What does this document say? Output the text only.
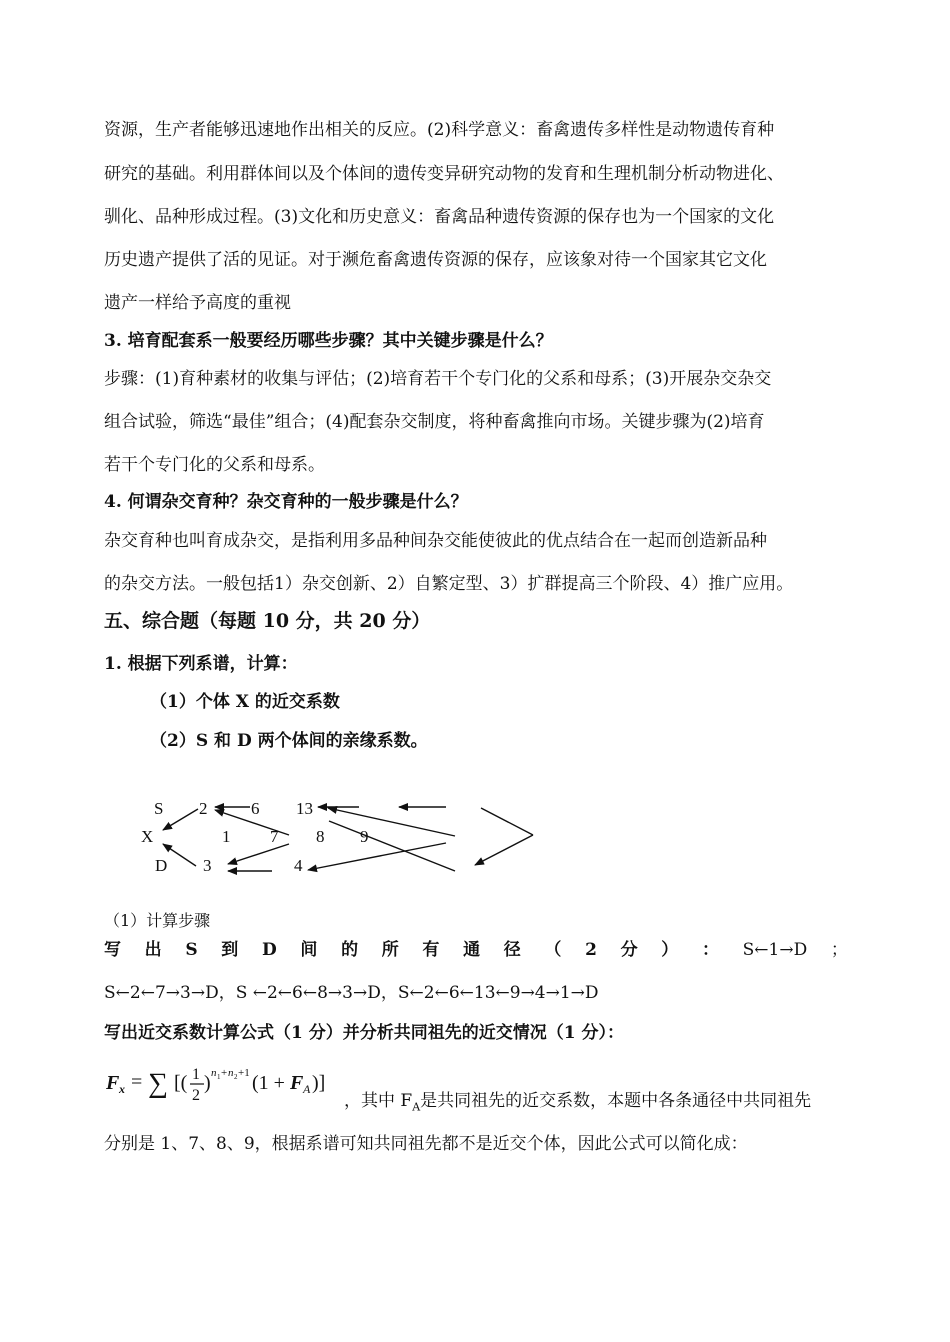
资源，生产者能够迅速地作出相关的反应。(2)科学意义：畜禽遗传多样性是动物遗传育种
研究的基础。利用群体间以及个体间的遗传变异研究动物的发育和生理机制分析动物进化、
驯化、品种形成过程。(3)文化和历史意义：畜禽品种遗传资源的保存也为一个国家的文化
历史遗产提供了活的见证。对于濒危畜禽遗传资源的保存，应该象对待一个国家其它文化
遗产一样给予高度的重视
3. 培育配套系一般要经历哪些步骤？其中关键步骤是什么？
步骤：(1)育种素材的收集与评估；(2)培育若干个专门化的父系和母系；(3)开展杂交杂交
组合试验，筛选“最佳”组合；(4)配套杂交制度，将种畜禽推向市场。关键步骤为(2)培育
若干个专门化的父系和母系。
4. 何谓杂交育种？杂交育种的一般步骤是什么？
杂交育种也叫育成杂交，是指利用多品种间杂交能使彼此的优点结合在一起而创造新品种
的杂交方法。一般包括1）杂交创新、2）自繁定型、3）扩群提高三个阶段、4）推广应用。
五、综合题（每题 10 分，共 20 分）
1. 根据下列系谱，计算：
（1）个体 X 的近交系数
（2）S 和 D 两个体间的亲缘系数。
S 2	6 13
X	1 7 8 9
D 3	4
（1）计算步骤
写 出 S 到 D 间 的 所 有 通 径 （ 2 分 ） ： S←1→D ；
S←2←7→3→D，S ←2←6←8→3→D，S←2←6←13←9→4→1→D
写出近交系数计算公式（1 分）并分析共同祖先的近交情况（1 分）：
F x = ∑ [( 1
2
) n 1 + n 2 +1 (1 + F A )]
，其中 $F_A$是共同祖先的近交系数，本题中各条通径中共同祖先
分别是 1、7、8、9，根据系谱可知共同祖先都不是近交个体，因此公式可以简化成：
